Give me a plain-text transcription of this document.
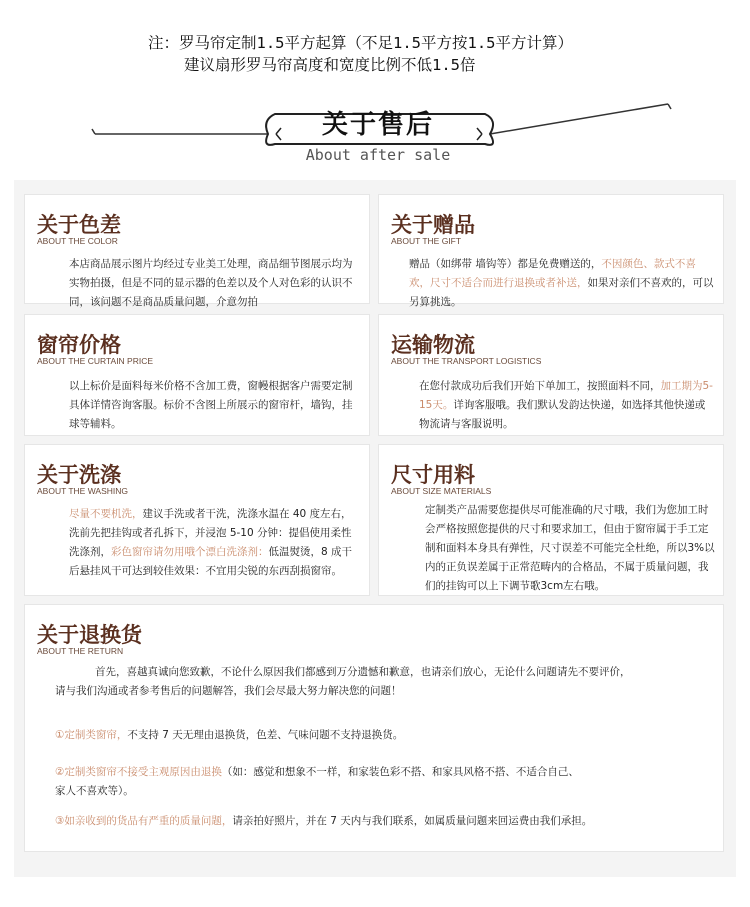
注：罗马帘定制1.5平方起算（不足1.5平方按1.5平方计算）
建议扇形罗马帘高度和宽度比例不低1.5倍
关于售后
About after sale
关于色差
ABOUT THE COLOR
本店商品展示图片均经过专业美工处理，商品细节图展示均为实物拍摄，但是不同的显示器的色差以及个人对色彩的认识不同，该问题不是商品质量问题，介意勿拍
关于赠品
ABOUT THE GIFT
赠品（如绑带 墙钩等）都是免费赠送的，不因颜色、款式不喜欢，尺寸不适合而进行退换或者补送，如果对亲们不喜欢的，可以另算挑选。
窗帘价格
ABOUT THE CURTAIN PRICE
以上标价是面料每米价格不含加工费，窗幔根据客户需要定制具体详情咨询客服。标价不含图上所展示的窗帘杆，墙钩，挂球等辅料。
运输物流
ABOUT THE TRANSPORT LOGISTICS
在您付款成功后我们开始下单加工，按照面料不同，加工期为5-15天。详询客服哦。我们默认发韵达快递，如选择其他快递或物流请与客服说明。
关于洗涤
ABOUT THE WASHING
尽量不要机洗，建议手洗或者干洗，洗涤水温在 40 度左右，洗前先把挂钩或者孔拆下，并浸泡 5-10 分钟：提倡使用柔性洗涤剂，彩色窗帘请勿用哦个漂白洗涤剂：低温熨烫，8 成干后悬挂风干可达到较佳效果：不宜用尖锐的东西刮损窗帘。
尺寸用料
ABOUT SIZE MATERIALS
定制类产品需要您提供尽可能准确的尺寸哦，我们为您加工时会严格按照您提供的尺寸和要求加工，但由于窗帘属于手工定制和面料本身具有弹性，尺寸误差不可能完全杜绝，所以3%以内的正负误差属于正常范畴内的合格品，不属于质量问题，我们的挂钩可以上下调节歌3cm左右哦。
关于退换货
ABOUT THE RETURN
首先，喜越真诚向您致歉，不论什么原因我们都感到万分遗憾和歉意，也请亲们放心，无论什么问题请先不要评价，
请与我们沟通或者参考售后的问题解答，我们会尽最大努力解决您的问题！
①定制类窗帘，不支持 7 天无理由退换货，色差、气味问题不支持退换货。
②定制类窗帘不接受主观原因由退换（如：感觉和想象不一样，和家装色彩不搭、和家具风格不搭、不适合自己、
家人不喜欢等）。
③如亲收到的货品有严重的质量问题，请亲拍好照片，并在 7 天内与我们联系，如属质量问题来回运费由我们承担。
